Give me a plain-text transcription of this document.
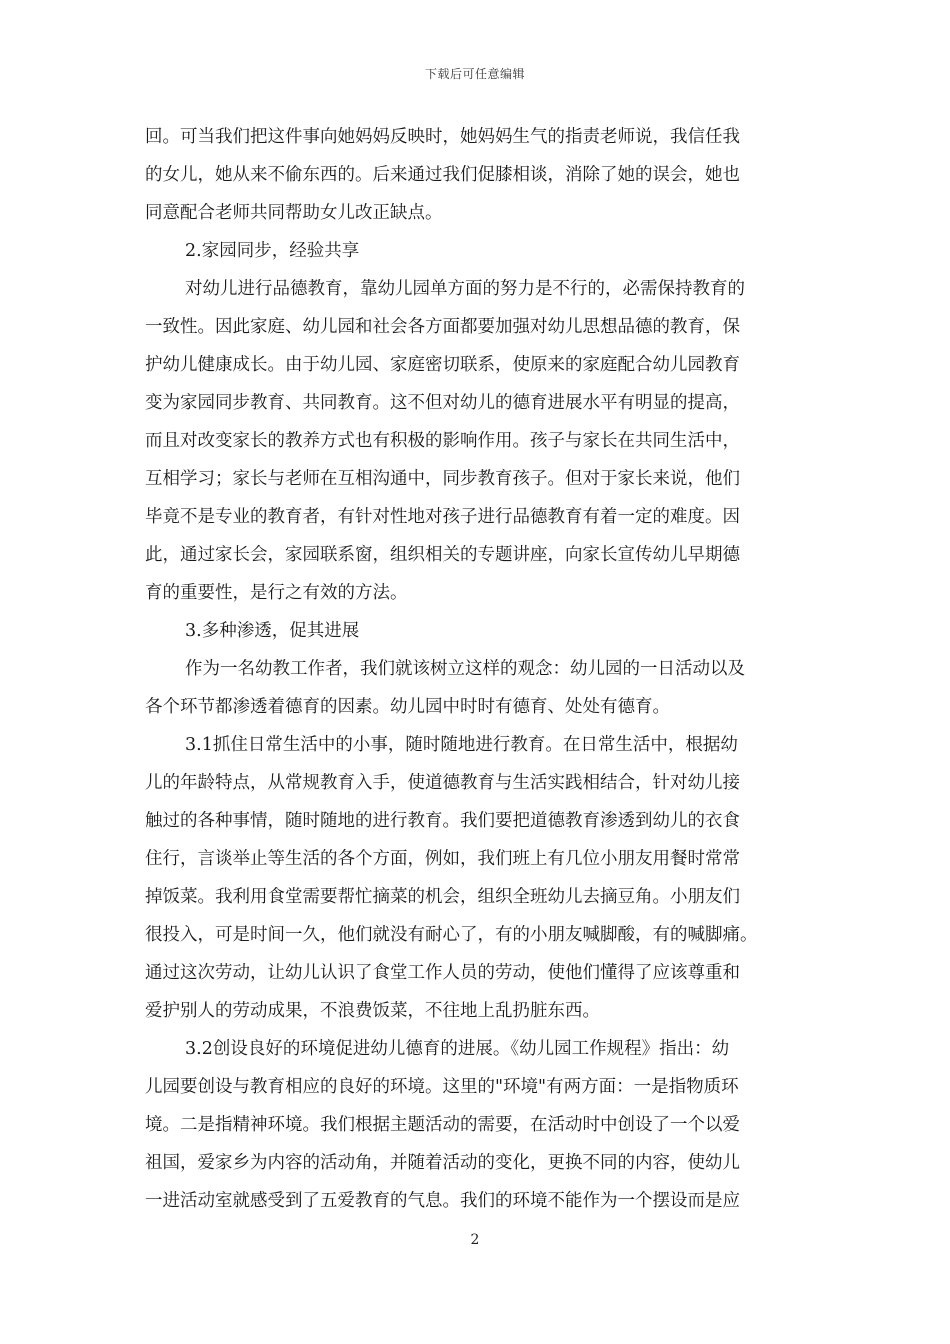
下载后可任意编辑
回。可当我们把这件事向她妈妈反映时，她妈妈生气的指责老师说，我信任我
的女儿，她从来不偷东西的。后来通过我们促膝相谈，消除了她的误会，她也
同意配合老师共同帮助女儿改正缺点。
2.家园同步，经验共享
对幼儿进行品德教育，靠幼儿园单方面的努力是不行的，必需保持教育的
一致性。因此家庭、幼儿园和社会各方面都要加强对幼儿思想品德的教育，保
护幼儿健康成长。由于幼儿园、家庭密切联系，使原来的家庭配合幼儿园教育
变为家园同步教育、共同教育。这不但对幼儿的德育进展水平有明显的提高，
而且对改变家长的教养方式也有积极的影响作用。孩子与家长在共同生活中，
互相学习；家长与老师在互相沟通中，同步教育孩子。但对于家长来说，他们
毕竟不是专业的教育者，有针对性地对孩子进行品德教育有着一定的难度。因
此，通过家长会，家园联系窗，组织相关的专题讲座，向家长宣传幼儿早期德
育的重要性，是行之有效的方法。
3.多种渗透，促其进展
作为一名幼教工作者，我们就该树立这样的观念：幼儿园的一日活动以及
各个环节都渗透着德育的因素。幼儿园中时时有德育、处处有德育。
3.1抓住日常生活中的小事，随时随地进行教育。在日常生活中，根据幼
儿的年龄特点，从常规教育入手，使道德教育与生活实践相结合，针对幼儿接
触过的各种事情，随时随地的进行教育。我们要把道德教育渗透到幼儿的衣食
住行，言谈举止等生活的各个方面，例如，我们班上有几位小朋友用餐时常常
掉饭菜。我利用食堂需要帮忙摘菜的机会，组织全班幼儿去摘豆角。小朋友们
很投入，可是时间一久，他们就没有耐心了，有的小朋友喊脚酸，有的喊脚痛。
通过这次劳动，让幼儿认识了食堂工作人员的劳动，使他们懂得了应该尊重和
爱护别人的劳动成果，不浪费饭菜，不往地上乱扔脏东西。
3.2创设良好的环境促进幼儿德育的进展。《幼儿园工作规程》指出：幼
儿园要创设与教育相应的良好的环境。这里的"环境"有两方面：一是指物质环
境。二是指精神环境。我们根据主题活动的需要，在活动时中创设了一个以爱
祖国，爱家乡为内容的活动角，并随着活动的变化，更换不同的内容，使幼儿
一进活动室就感受到了五爱教育的气息。我们的环境不能作为一个摆设而是应
2
